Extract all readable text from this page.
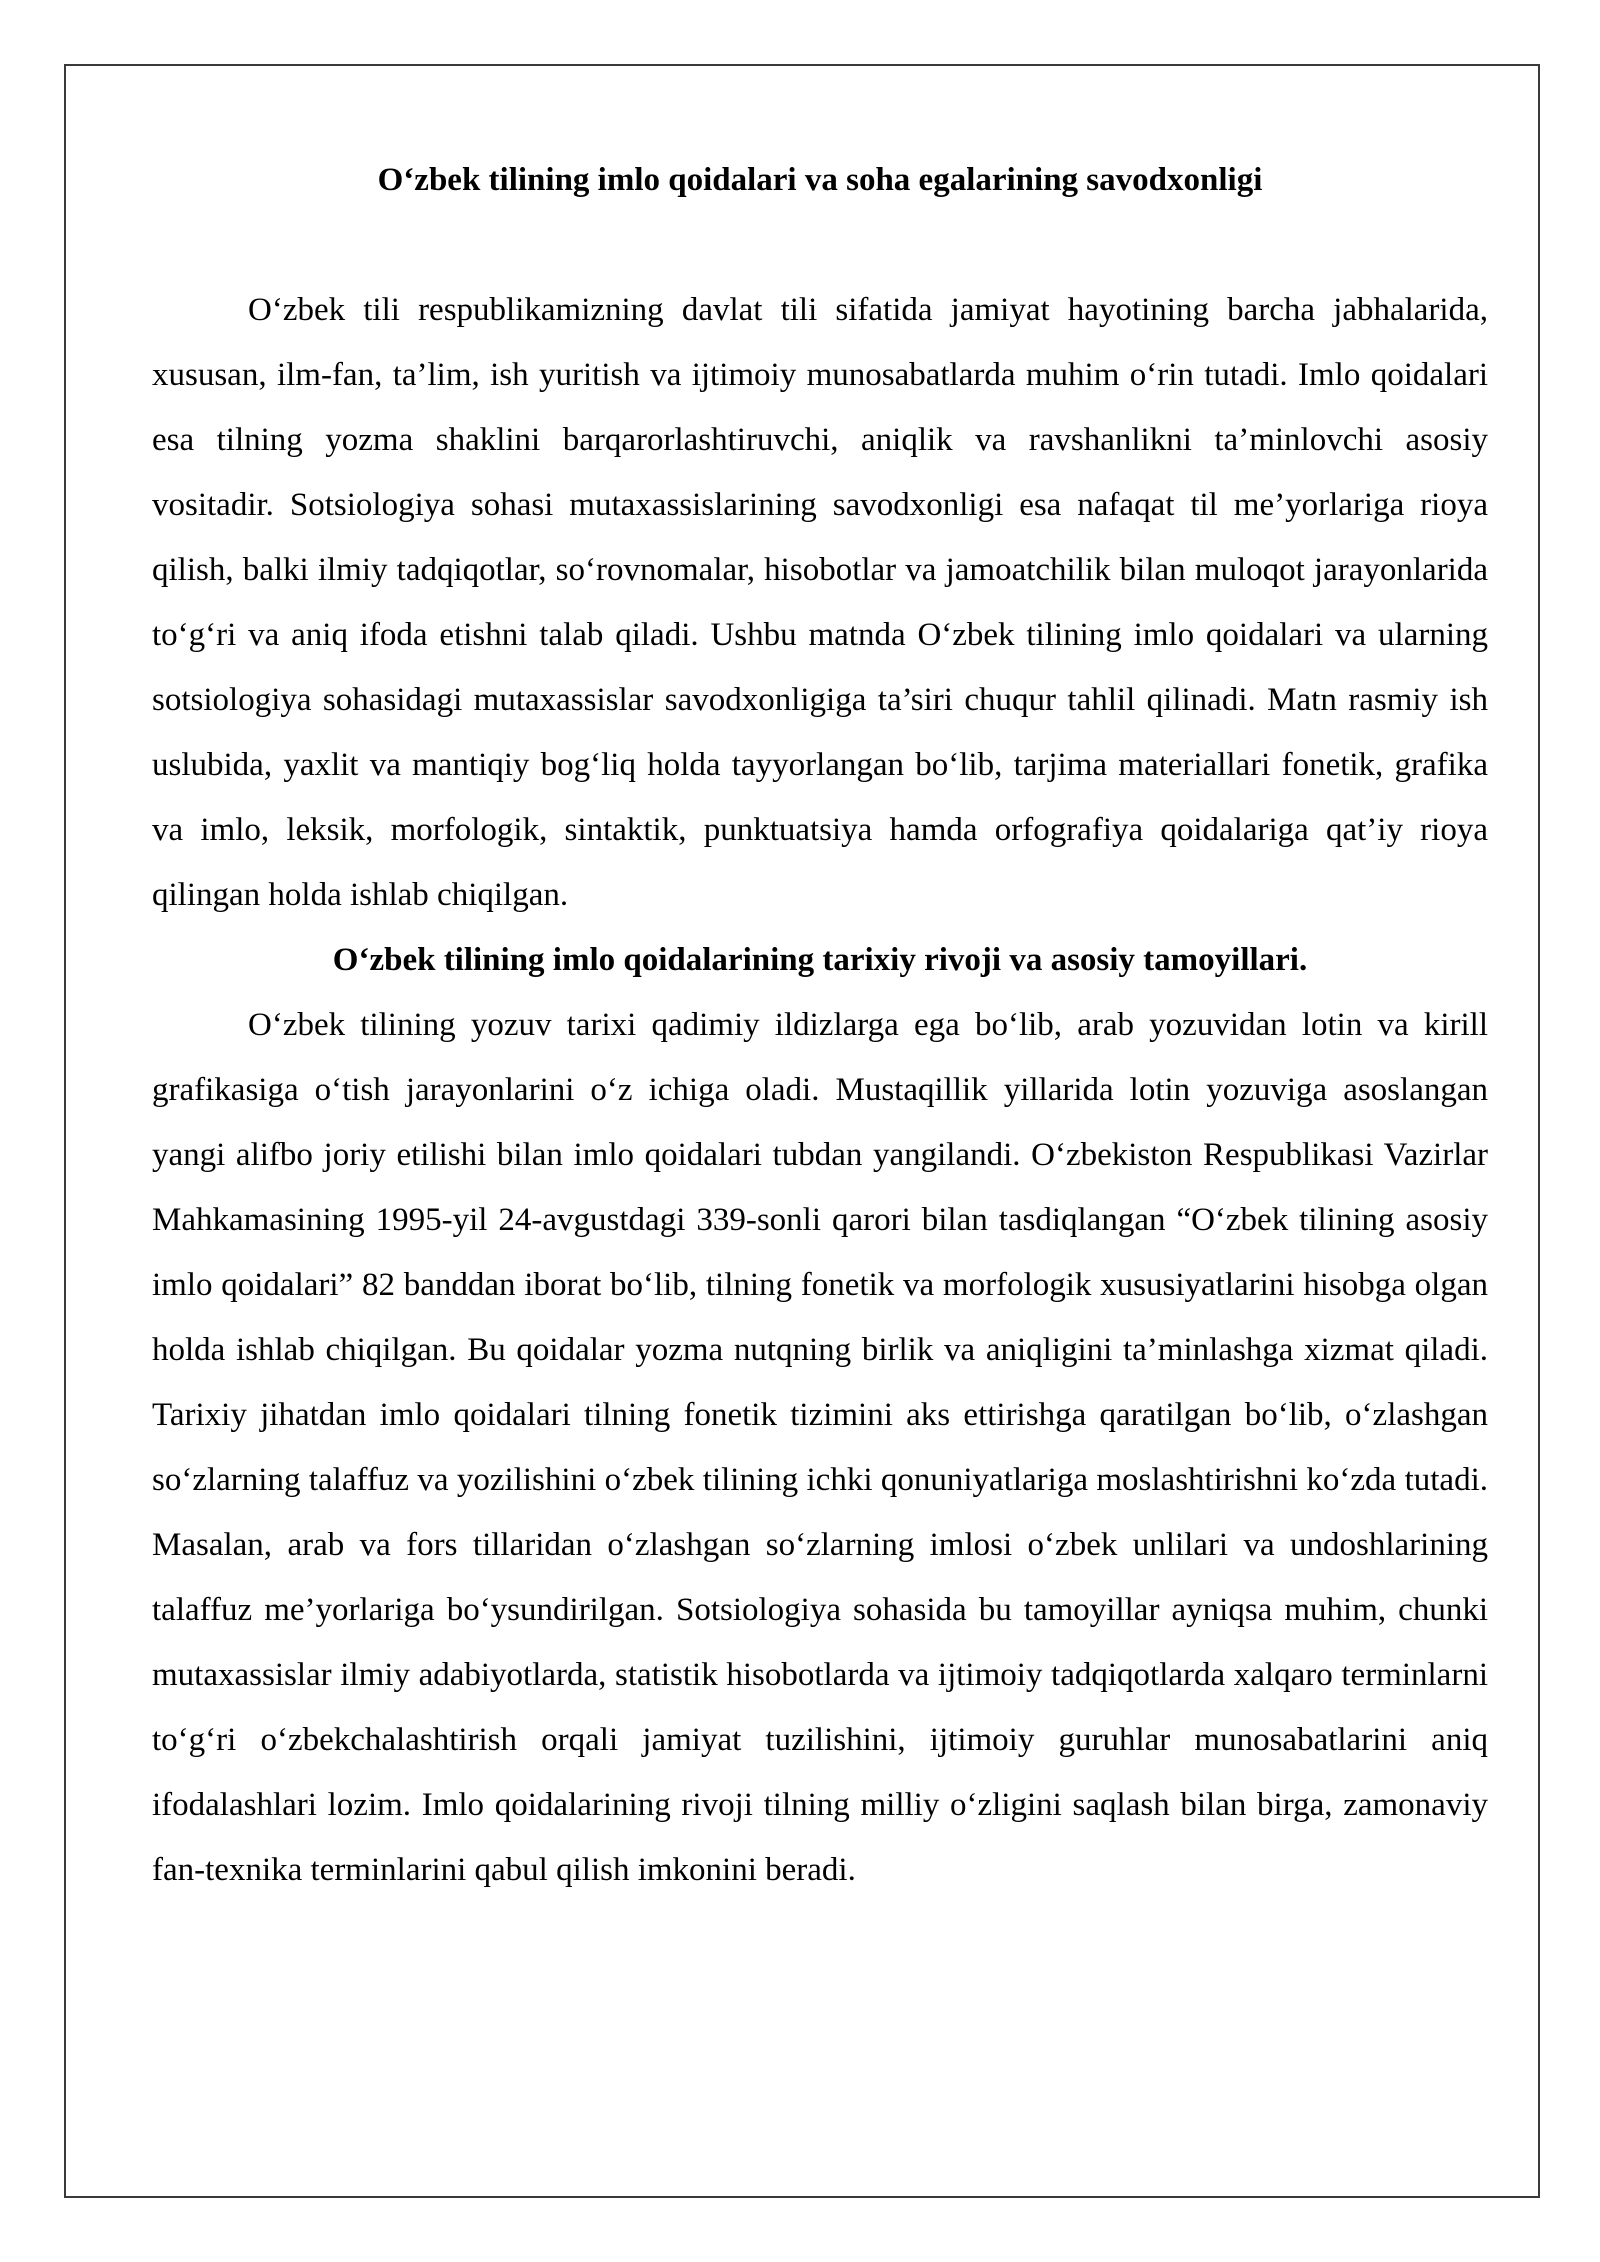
O‘zbek tilining imlo qoidalari va soha egalarining savodxonligi

O‘zbek tili respublikamizning davlat tili sifatida jamiyat hayotining barcha jabhalarida, xususan, ilm-fan, ta’lim, ish yuritish va ijtimoiy munosabatlarda muhim o‘rin tutadi. Imlo qoidalari esa tilning yozma shaklini barqarorlashtiruvchi, aniqlik va ravshanlikni ta’minlovchi asosiy vositadir. Sotsiologiya sohasi mutaxassislarining savodxonligi esa nafaqat til me’yorlariga rioya qilish, balki ilmiy tadqiqotlar, so‘rovnomalar, hisobotlar va jamoatchilik bilan muloqot jarayonlarida to‘g‘ri va aniq ifoda etishni talab qiladi. Ushbu matnda O‘zbek tilining imlo qoidalari va ularning sotsiologiya sohasidagi mutaxassislar savodxonligiga ta’siri chuqur tahlil qilinadi. Matn rasmiy ish uslubida, yaxlit va mantiqiy bog‘liq holda tayyorlangan bo‘lib, tarjima materiallari fonetik, grafika va imlo, leksik, morfologik, sintaktik, punktuatsiya hamda orfografiya qoidalariga qat’iy rioya qilingan holda ishlab chiqilgan.

O‘zbek tilining imlo qoidalarining tarixiy rivoji va asosiy tamoyillari.

O‘zbek tilining yozuv tarixi qadimiy ildizlarga ega bo‘lib, arab yozuvidan lotin va kirill grafikasiga o‘tish jarayonlarini o‘z ichiga oladi. Mustaqillik yillarida lotin yozuviga asoslangan yangi alifbo joriy etilishi bilan imlo qoidalari tubdan yangilandi. O‘zbekiston Respublikasi Vazirlar Mahkamasining 1995-yil 24-avgustdagi 339-sonli qarori bilan tasdiqlangan “O‘zbek tilining asosiy imlo qoidalari” 82 banddan iborat bo‘lib, tilning fonetik va morfologik xususiyatlarini hisobga olgan holda ishlab chiqilgan. Bu qoidalar yozma nutqning birlik va aniqligini ta’minlashga xizmat qiladi. Tarixiy jihatdan imlo qoidalari tilning fonetik tizimini aks ettirishga qaratilgan bo‘lib, o‘zlashgan so‘zlarning talaffuz va yozilishini o‘zbek tilining ichki qonuniyatlariga moslashtirishni ko‘zda tutadi. Masalan, arab va fors tillaridan o‘zlashgan so‘zlarning imlosi o‘zbek unlilari va undoshlarining talaffuz me’yorlariga bo‘ysundirilgan. Sotsiologiya sohasida bu tamoyillar ayniqsa muhim, chunki mutaxassislar ilmiy adabiyotlarda, statistik hisobotlarda va ijtimoiy tadqiqotlarda xalqaro terminlarni to‘g‘ri o‘zbekchalashtirish orqali jamiyat tuzilishini, ijtimoiy guruhlar munosabatlarini aniq ifodalashlari lozim. Imlo qoidalarining rivoji tilning milliy o‘zligini saqlash bilan birga, zamonaviy fan-texnika terminlarini qabul qilish imkonini beradi.
